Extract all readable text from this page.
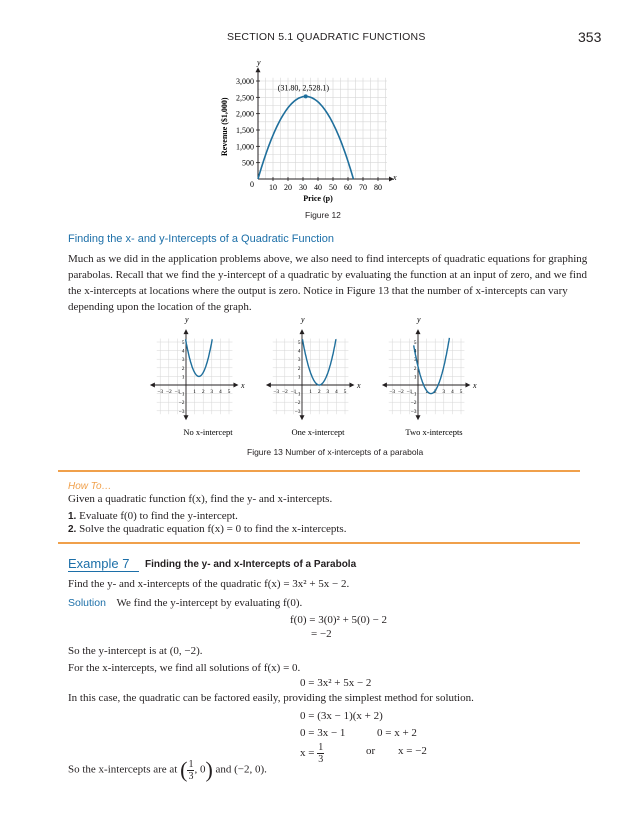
SECTION 5.1 QUADRATIC FUNCTIONS	353
x
y
0
500
1,000
1,500
2,000
2,500
3,000
10 20 30 40 50 60 70 80
Price (p)
Revenue ($1,000)
(31.80, 2,528.1)
Figure 12
Finding the x- and y-Intercepts of a Quadratic Function
Much as we did in the application problems above, we also need to find intercepts of quadratic equations for graphing
parabolas. Recall that we find the y-intercept of a quadratic by evaluating the function at an input of zero, and we find
the x-intercepts at locations where the output is zero. Notice in Figure 13 that the number of x-intercepts can vary
depending upon the location of the graph.
x
y
−3 −2 −1 1 2 3 4 5
5
4
3
2
1
−1
−2
−3
No x-intercept
x
y
−3 −2 −1 1 2 3 4 5
5
4
3
2
1
−1
−2
−3
One x-intercept
x
y
−3 −2 −1 1 2 3 4 5
5
4
3
2
1
−1
−2
−3
Two x-intercepts
Figure 13 Number of x-intercepts of a parabola
How To…
Given a quadratic function f(x), find the y- and x-intercepts.
1. Evaluate f(0) to find the y-intercept.
2. Solve the quadratic equation f(x) = 0 to find the x-intercepts.
Example 7	Finding the y- and x-Intercepts of a Parabola
Find the y- and x-intercepts of the quadratic f(x) = 3x² + 5x − 2.
Solution We find the y-intercept by evaluating f(0).
f(0) = 3(0)² + 5(0) − 2
= −2
So the y-intercept is at (0, −2).
For the x-intercepts, we find all solutions of f(x) = 0.
0 = 3x² + 5x − 2
In this case, the quadratic can be factored easily, providing the simplest method for solution.
0 = (3x − 1)(x + 2)
0 = 3x − 1	0 = x + 2
$x = \frac{1}{3}$	or x = −2
So the x-intercepts are at ( $\frac{1}{3}$ , 0) and (−2, 0).
